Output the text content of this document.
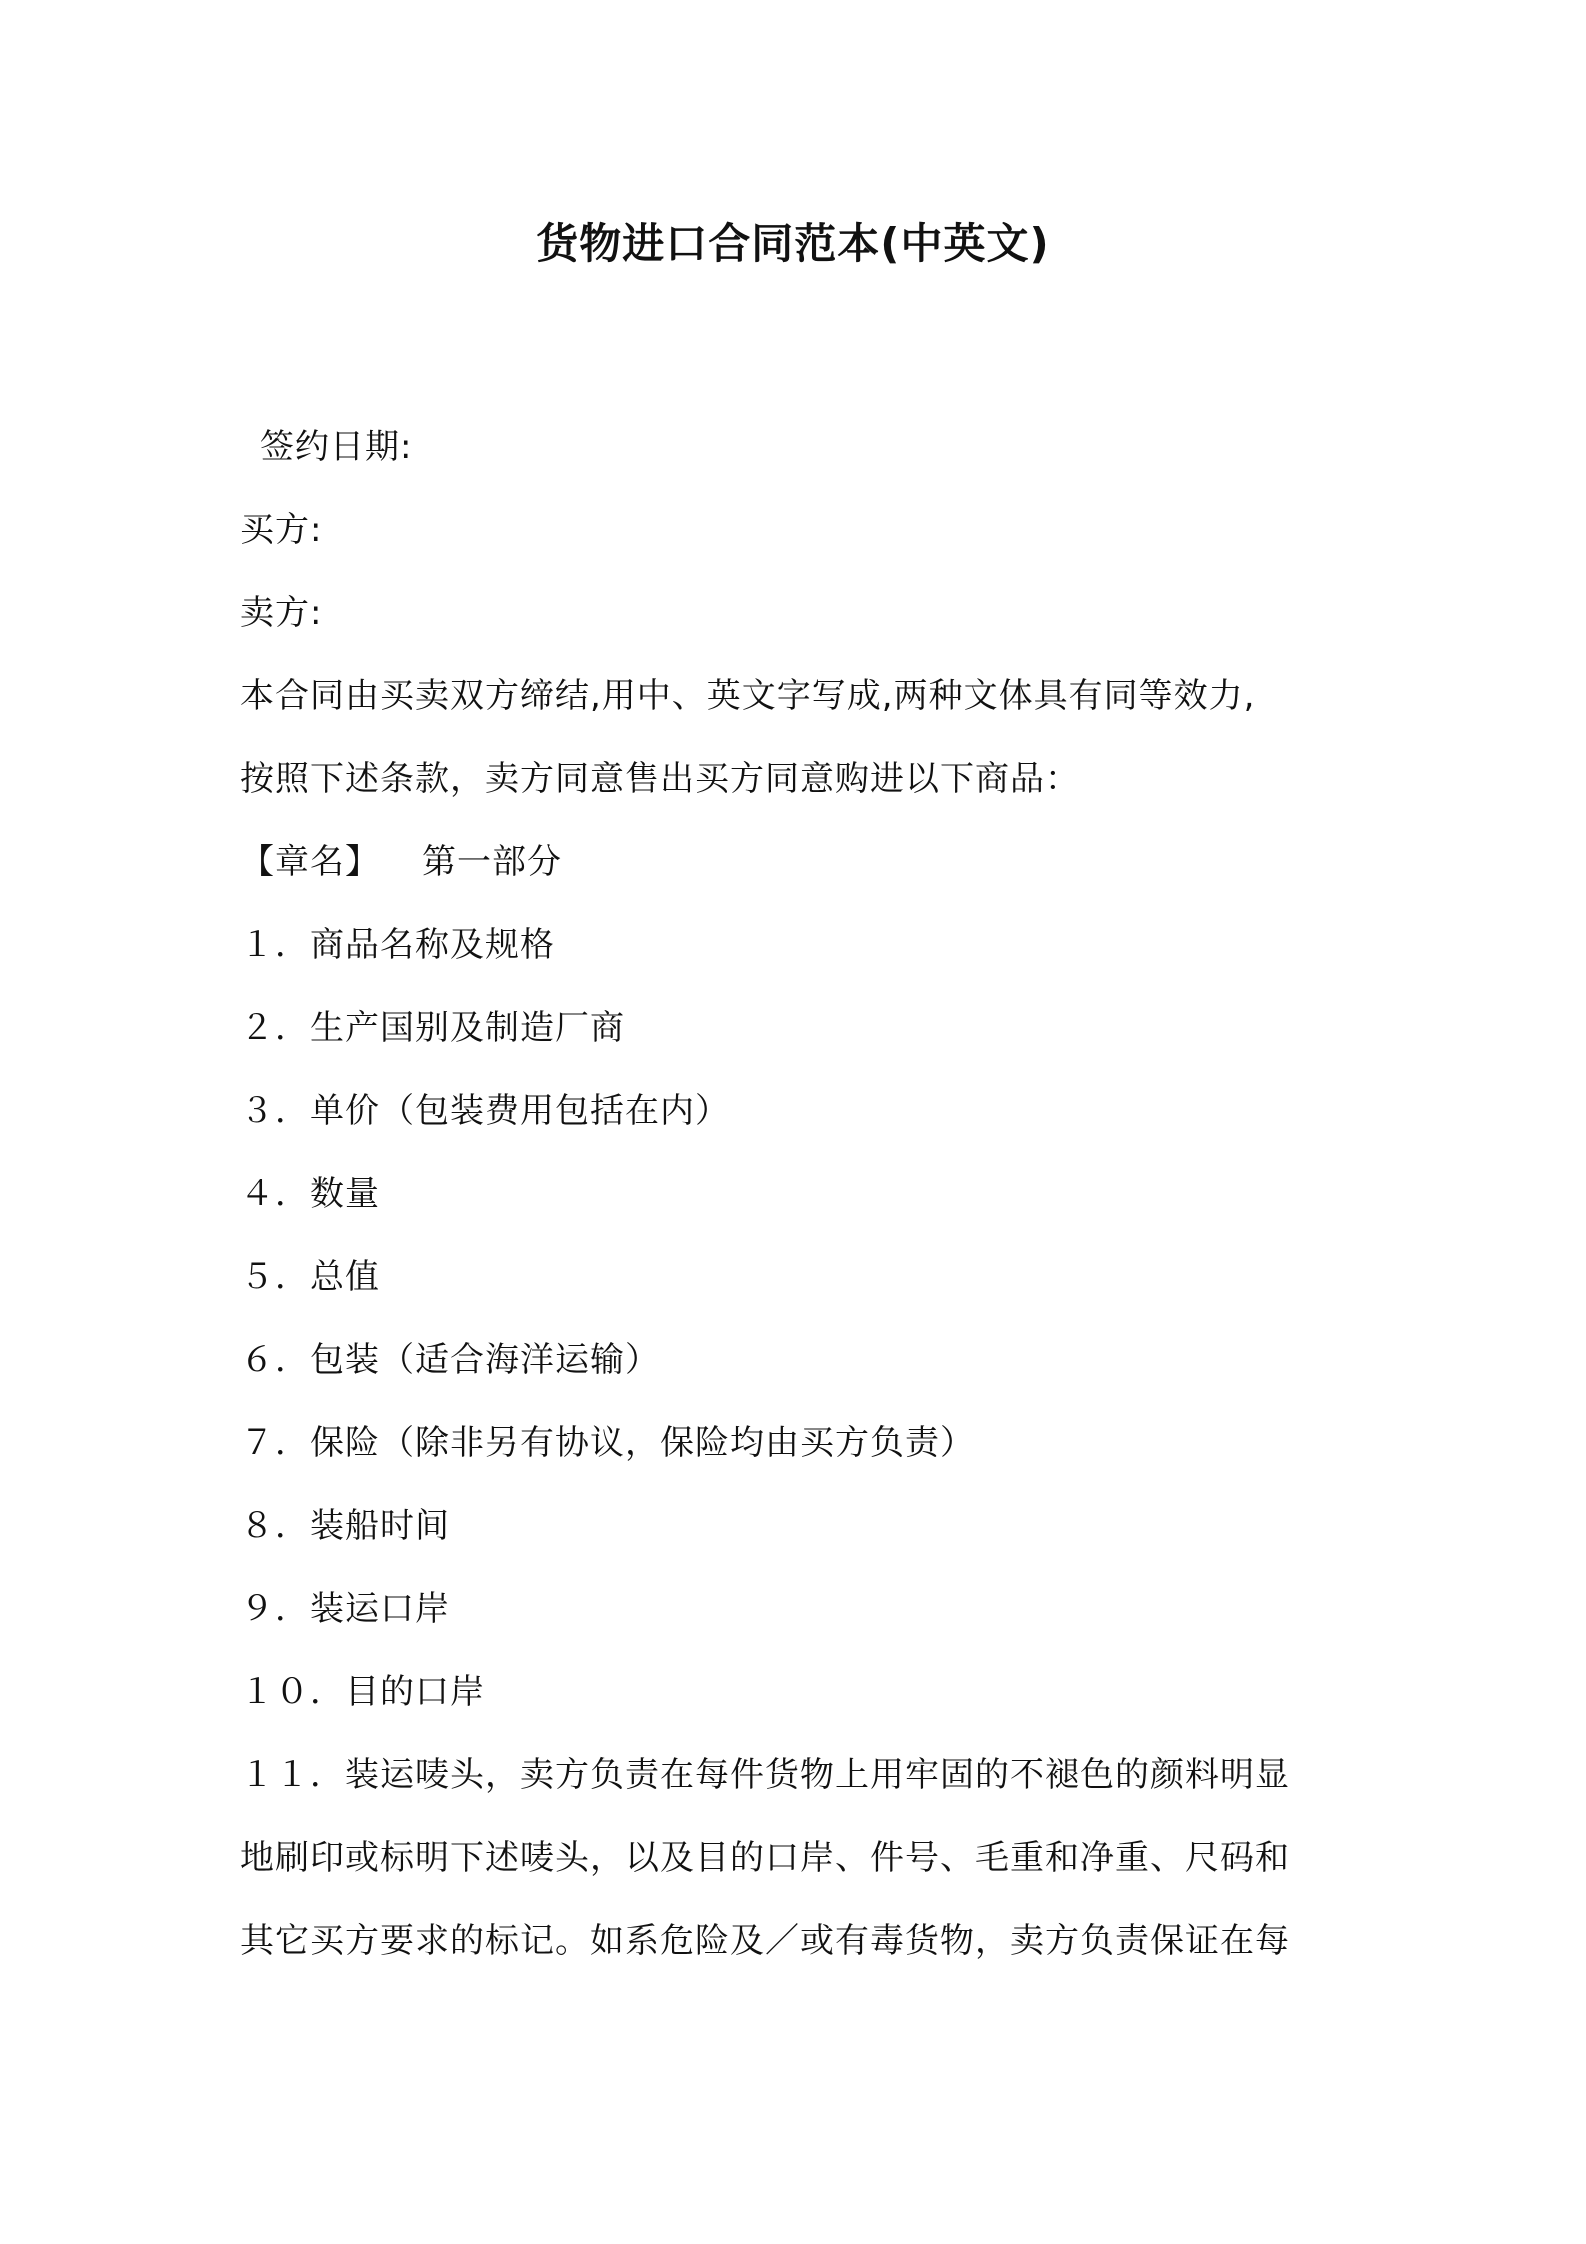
货物进口合同范本(中英文)
签约日期:
买方:
卖方:
本合同由买卖双方缔结,用中、英文字写成,两种文体具有同等效力,
按照下述条款，卖方同意售出买方同意购进以下商品：
【章名】 第一部分
１．商品名称及规格
２．生产国别及制造厂商
３．单价（包装费用包括在内）
４．数量
５．总值
６．包装（适合海洋运输）
７．保险（除非另有协议，保险均由买方负责）
８．装船时间
９．装运口岸
１０．目的口岸
１１．装运唛头，卖方负责在每件货物上用牢固的不褪色的颜料明显
地刷印或标明下述唛头，以及目的口岸、件号、毛重和净重、尺码和
其它买方要求的标记。如系危险及／或有毒货物，卖方负责保证在每
